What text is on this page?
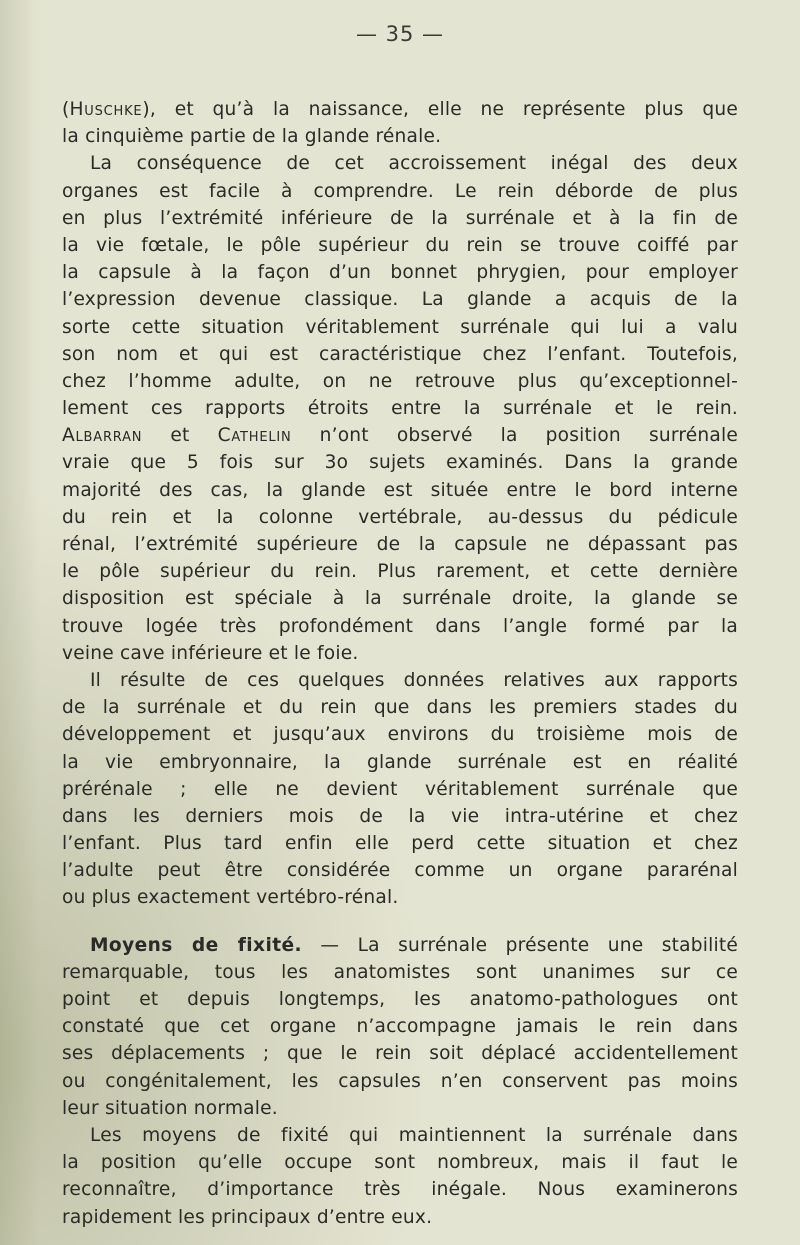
— 35 —
(Huschke), et qu’à la naissance, elle ne représente plus que
la cinquième partie de la glande rénale.
La conséquence de cet accroissement inégal des deux
organes est facile à comprendre. Le rein déborde de plus
en plus l’extrémité inférieure de la surrénale et à la fin de
la vie fœtale, le pôle supérieur du rein se trouve coiffé par
la capsule à la façon d’un bonnet phrygien, pour employer
l’expression devenue classique. La glande a acquis de la
sorte cette situation véritablement surrénale qui lui a valu
son nom et qui est caractéristique chez l’enfant. Toutefois,
chez l’homme adulte, on ne retrouve plus qu’exceptionnel-
lement ces rapports étroits entre la surrénale et le rein.
Albarran et Cathelin n’ont observé la position surrénale
vraie que 5 fois sur 3o sujets examinés. Dans la grande
majorité des cas, la glande est située entre le bord interne
du rein et la colonne vertébrale, au-dessus du pédicule
rénal, l’extrémité supérieure de la capsule ne dépassant pas
le pôle supérieur du rein. Plus rarement, et cette dernière
disposition est spéciale à la surrénale droite, la glande se
trouve logée très profondément dans l’angle formé par la
veine cave inférieure et le foie.
Il résulte de ces quelques données relatives aux rapports
de la surrénale et du rein que dans les premiers stades du
développement et jusqu’aux environs du troisième mois de
la vie embryonnaire, la glande surrénale est en réalité
prérénale ; elle ne devient véritablement surrénale que
dans les derniers mois de la vie intra-utérine et chez
l’enfant. Plus tard enfin elle perd cette situation et chez
l’adulte peut être considérée comme un organe pararénal
ou plus exactement vertébro-rénal.
Moyens de fixité. — La surrénale présente une stabilité
remarquable, tous les anatomistes sont unanimes sur ce
point et depuis longtemps, les anatomo-pathologues ont
constaté que cet organe n’accompagne jamais le rein dans
ses déplacements ; que le rein soit déplacé accidentellement
ou congénitalement, les capsules n’en conservent pas moins
leur situation normale.
Les moyens de fixité qui maintiennent la surrénale dans
la position qu’elle occupe sont nombreux, mais il faut le
reconnaître, d’importance très inégale. Nous examinerons
rapidement les principaux d’entre eux.
